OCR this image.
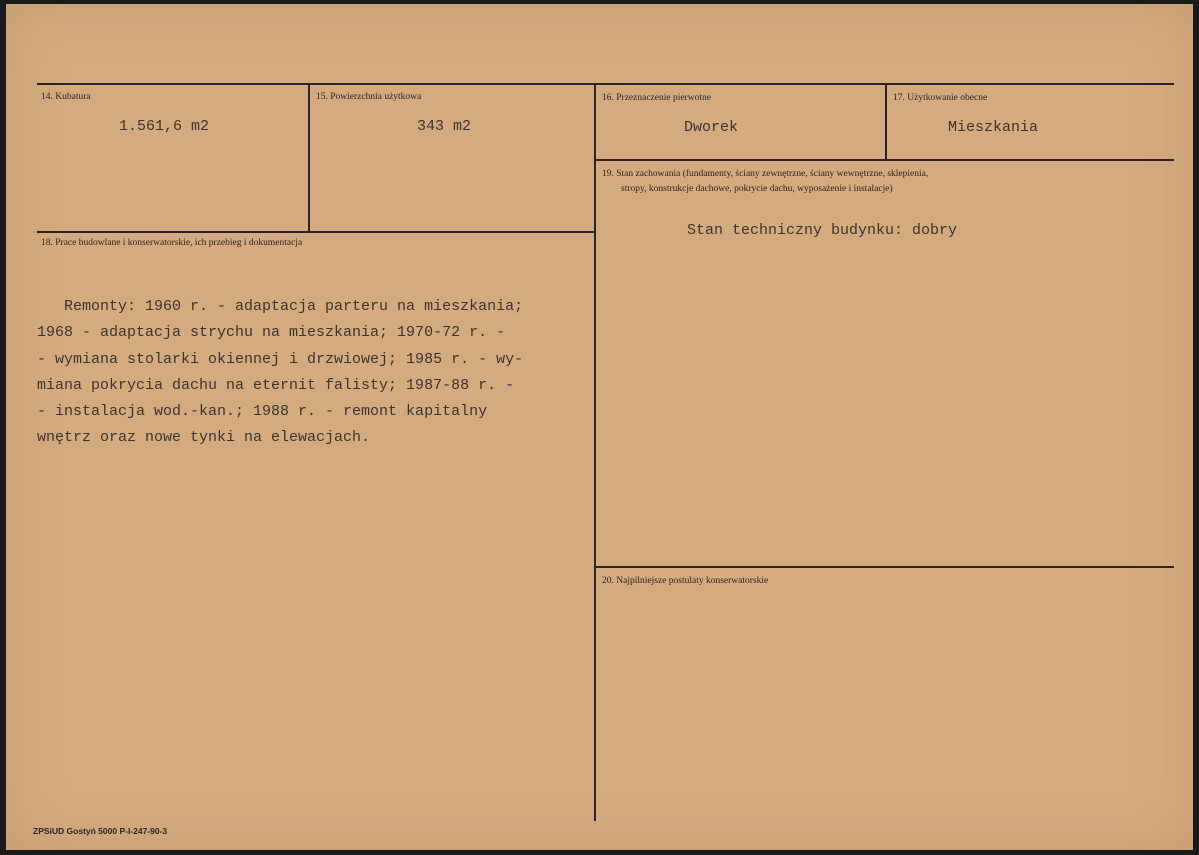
14. Kubatura
1.561,6 m2
15. Powierzchnia użytkowa
343 m2
16. Przeznaczenie pierwotne
Dworek
17. Użytkowanie obecne
Mieszkania
18. Prace budowlane i konserwatorskie, ich przebieg i dokumentacja
Remonty: 1960 r. - adaptacja parteru na mieszkania;
1968 - adaptacja strychu na mieszkania; 1970-72 r. -
- wymiana stolarki okiennej i drzwiowej; 1985 r. - wy-
miana pokrycia dachu na eternit falisty; 1987-88 r. -
- instalacja wod.-kan.; 1988 r. - remont kapitalny
wnętrz oraz nowe tynki na elewacjach.
19. Stan zachowania (fundamenty, ściany zewnętrzne, ściany wewnętrzne, sklepienia,
stropy, konstrukcje dachowe, pokrycie dachu, wyposażenie i instalacje)
Stan techniczny budynku: dobry
20. Najpilniejsze postulaty konserwatorskie
ZPSiUD Gostyń 5000 P-I-247-90-3
